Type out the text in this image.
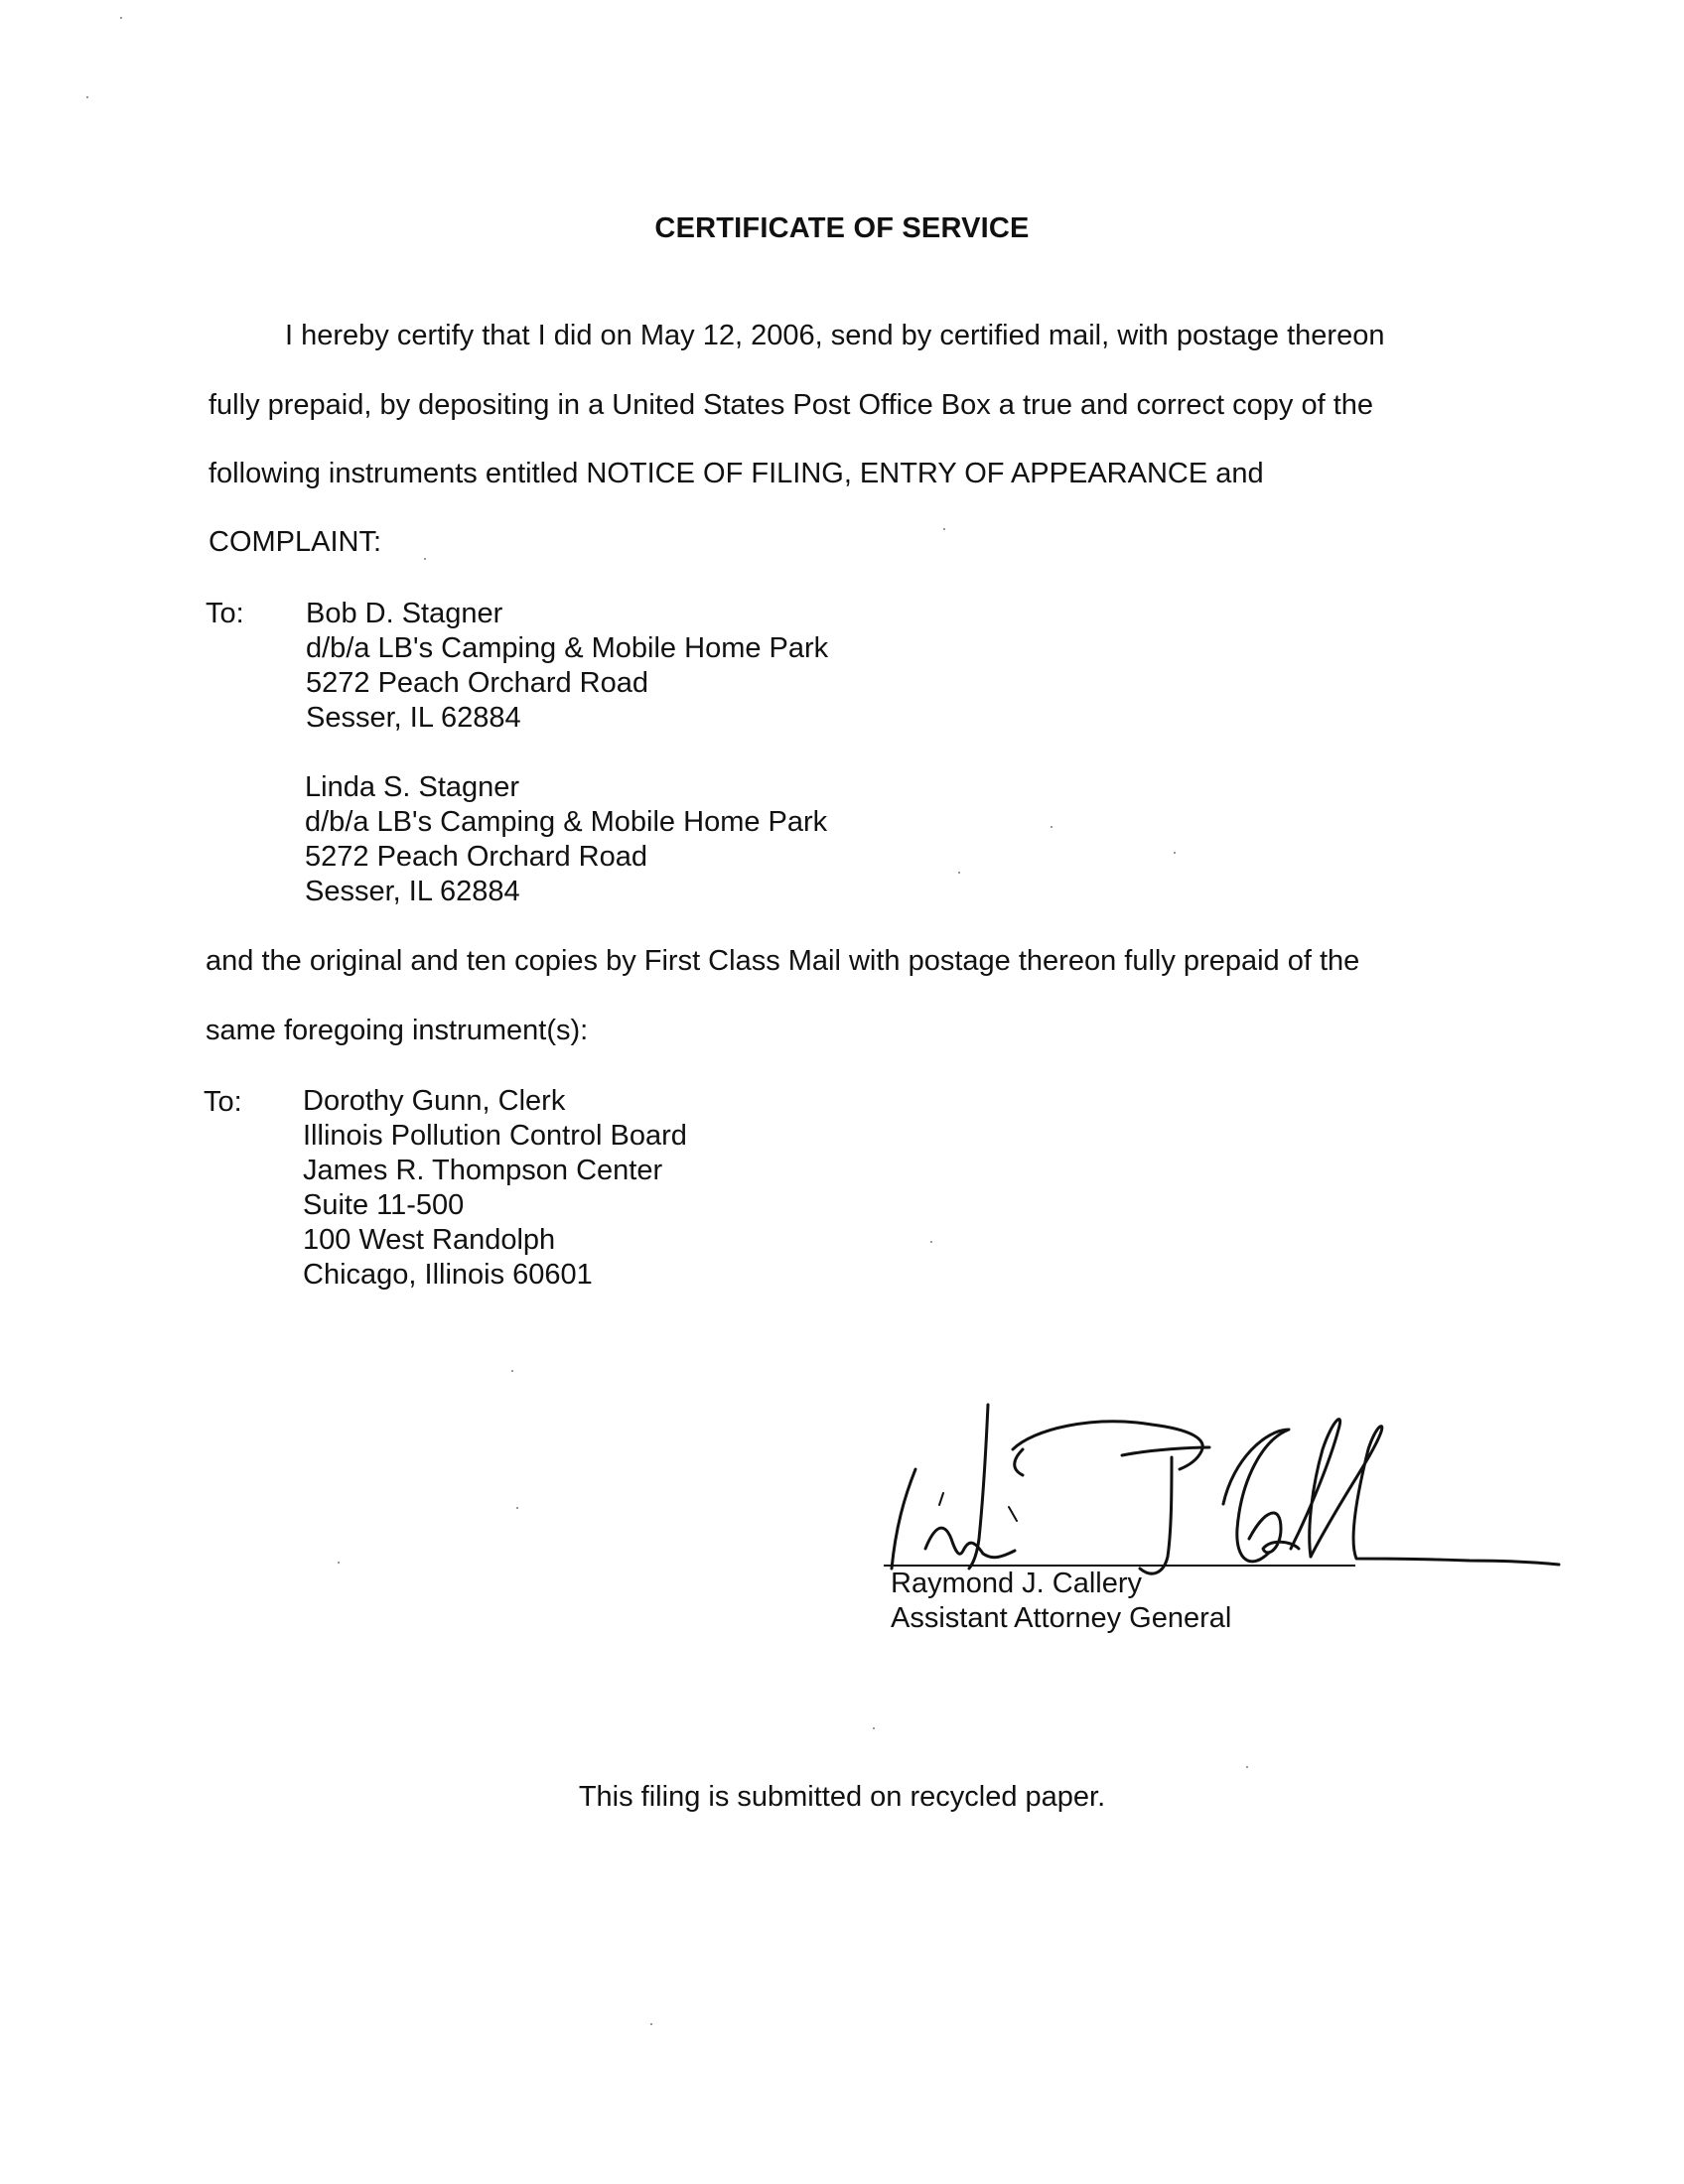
CERTIFICATE OF SERVICE
I hereby certify that I did on May 12, 2006, send by certified mail, with postage thereon
fully prepaid, by depositing in a United States Post Office Box a true and correct copy of the
following instruments entitled NOTICE OF FILING, ENTRY OF APPEARANCE and
COMPLAINT:
To: Bob D. Stagner
d/b/a LB's Camping & Mobile Home Park
5272 Peach Orchard Road
Sesser, IL 62884
Linda S. Stagner
d/b/a LB's Camping & Mobile Home Park
5272 Peach Orchard Road
Sesser, IL 62884
and the original and ten copies by First Class Mail with postage thereon fully prepaid of the
same foregoing instrument(s):
To: Dorothy Gunn, Clerk
Illinois Pollution Control Board
James R. Thompson Center
Suite 11-500
100 West Randolph
Chicago, Illinois 60601
Raymond J. Callery
Assistant Attorney General
This filing is submitted on recycled paper.
